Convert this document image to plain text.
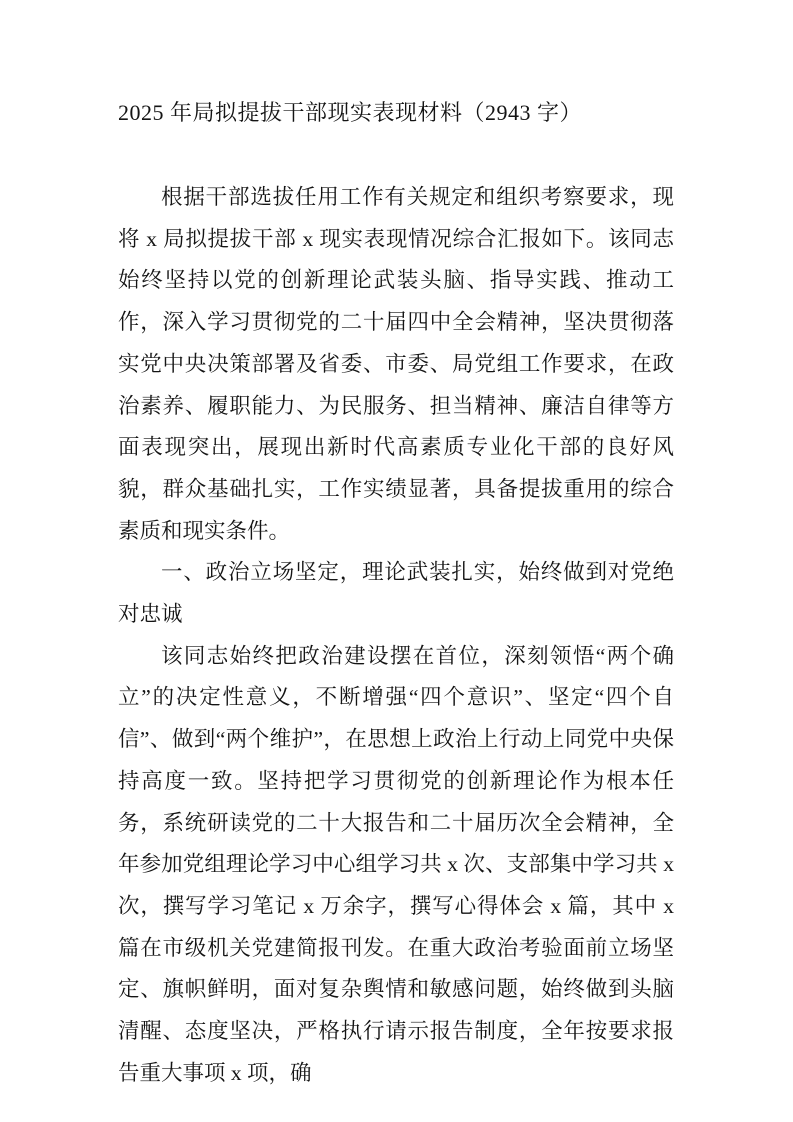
2025 年局拟提拔干部现实表现材料（2943 字）

根据干部选拔任用工作有关规定和组织考察要求，现将 x 局拟提拔干部 x 现实表现情况综合汇报如下。该同志始终坚持以党的创新理论武装头脑、指导实践、推动工作，深入学习贯彻党的二十届四中全会精神，坚决贯彻落实党中央决策部署及省委、市委、局党组工作要求，在政治素养、履职能力、为民服务、担当精神、廉洁自律等方面表现突出，展现出新时代高素质专业化干部的良好风貌，群众基础扎实，工作实绩显著，具备提拔重用的综合素质和现实条件。

一、政治立场坚定，理论武装扎实，始终做到对党绝对忠诚

该同志始终把政治建设摆在首位，深刻领悟“两个确立”的决定性意义，不断增强“四个意识”、坚定“四个自信”、做到“两个维护”，在思想上政治上行动上同党中央保持高度一致。坚持把学习贯彻党的创新理论作为根本任务，系统研读党的二十大报告和二十届历次全会精神，全年参加党组理论学习中心组学习共 x 次、支部集中学习共 x 次，撰写学习笔记 x 万余字，撰写心得体会 x 篇，其中 x 篇在市级机关党建简报刊发。在重大政治考验面前立场坚定、旗帜鲜明，面对复杂舆情和敏感问题，始终做到头脑清醒、态度坚决，严格执行请示报告制度，全年按要求报告重大事项 x 项，确
